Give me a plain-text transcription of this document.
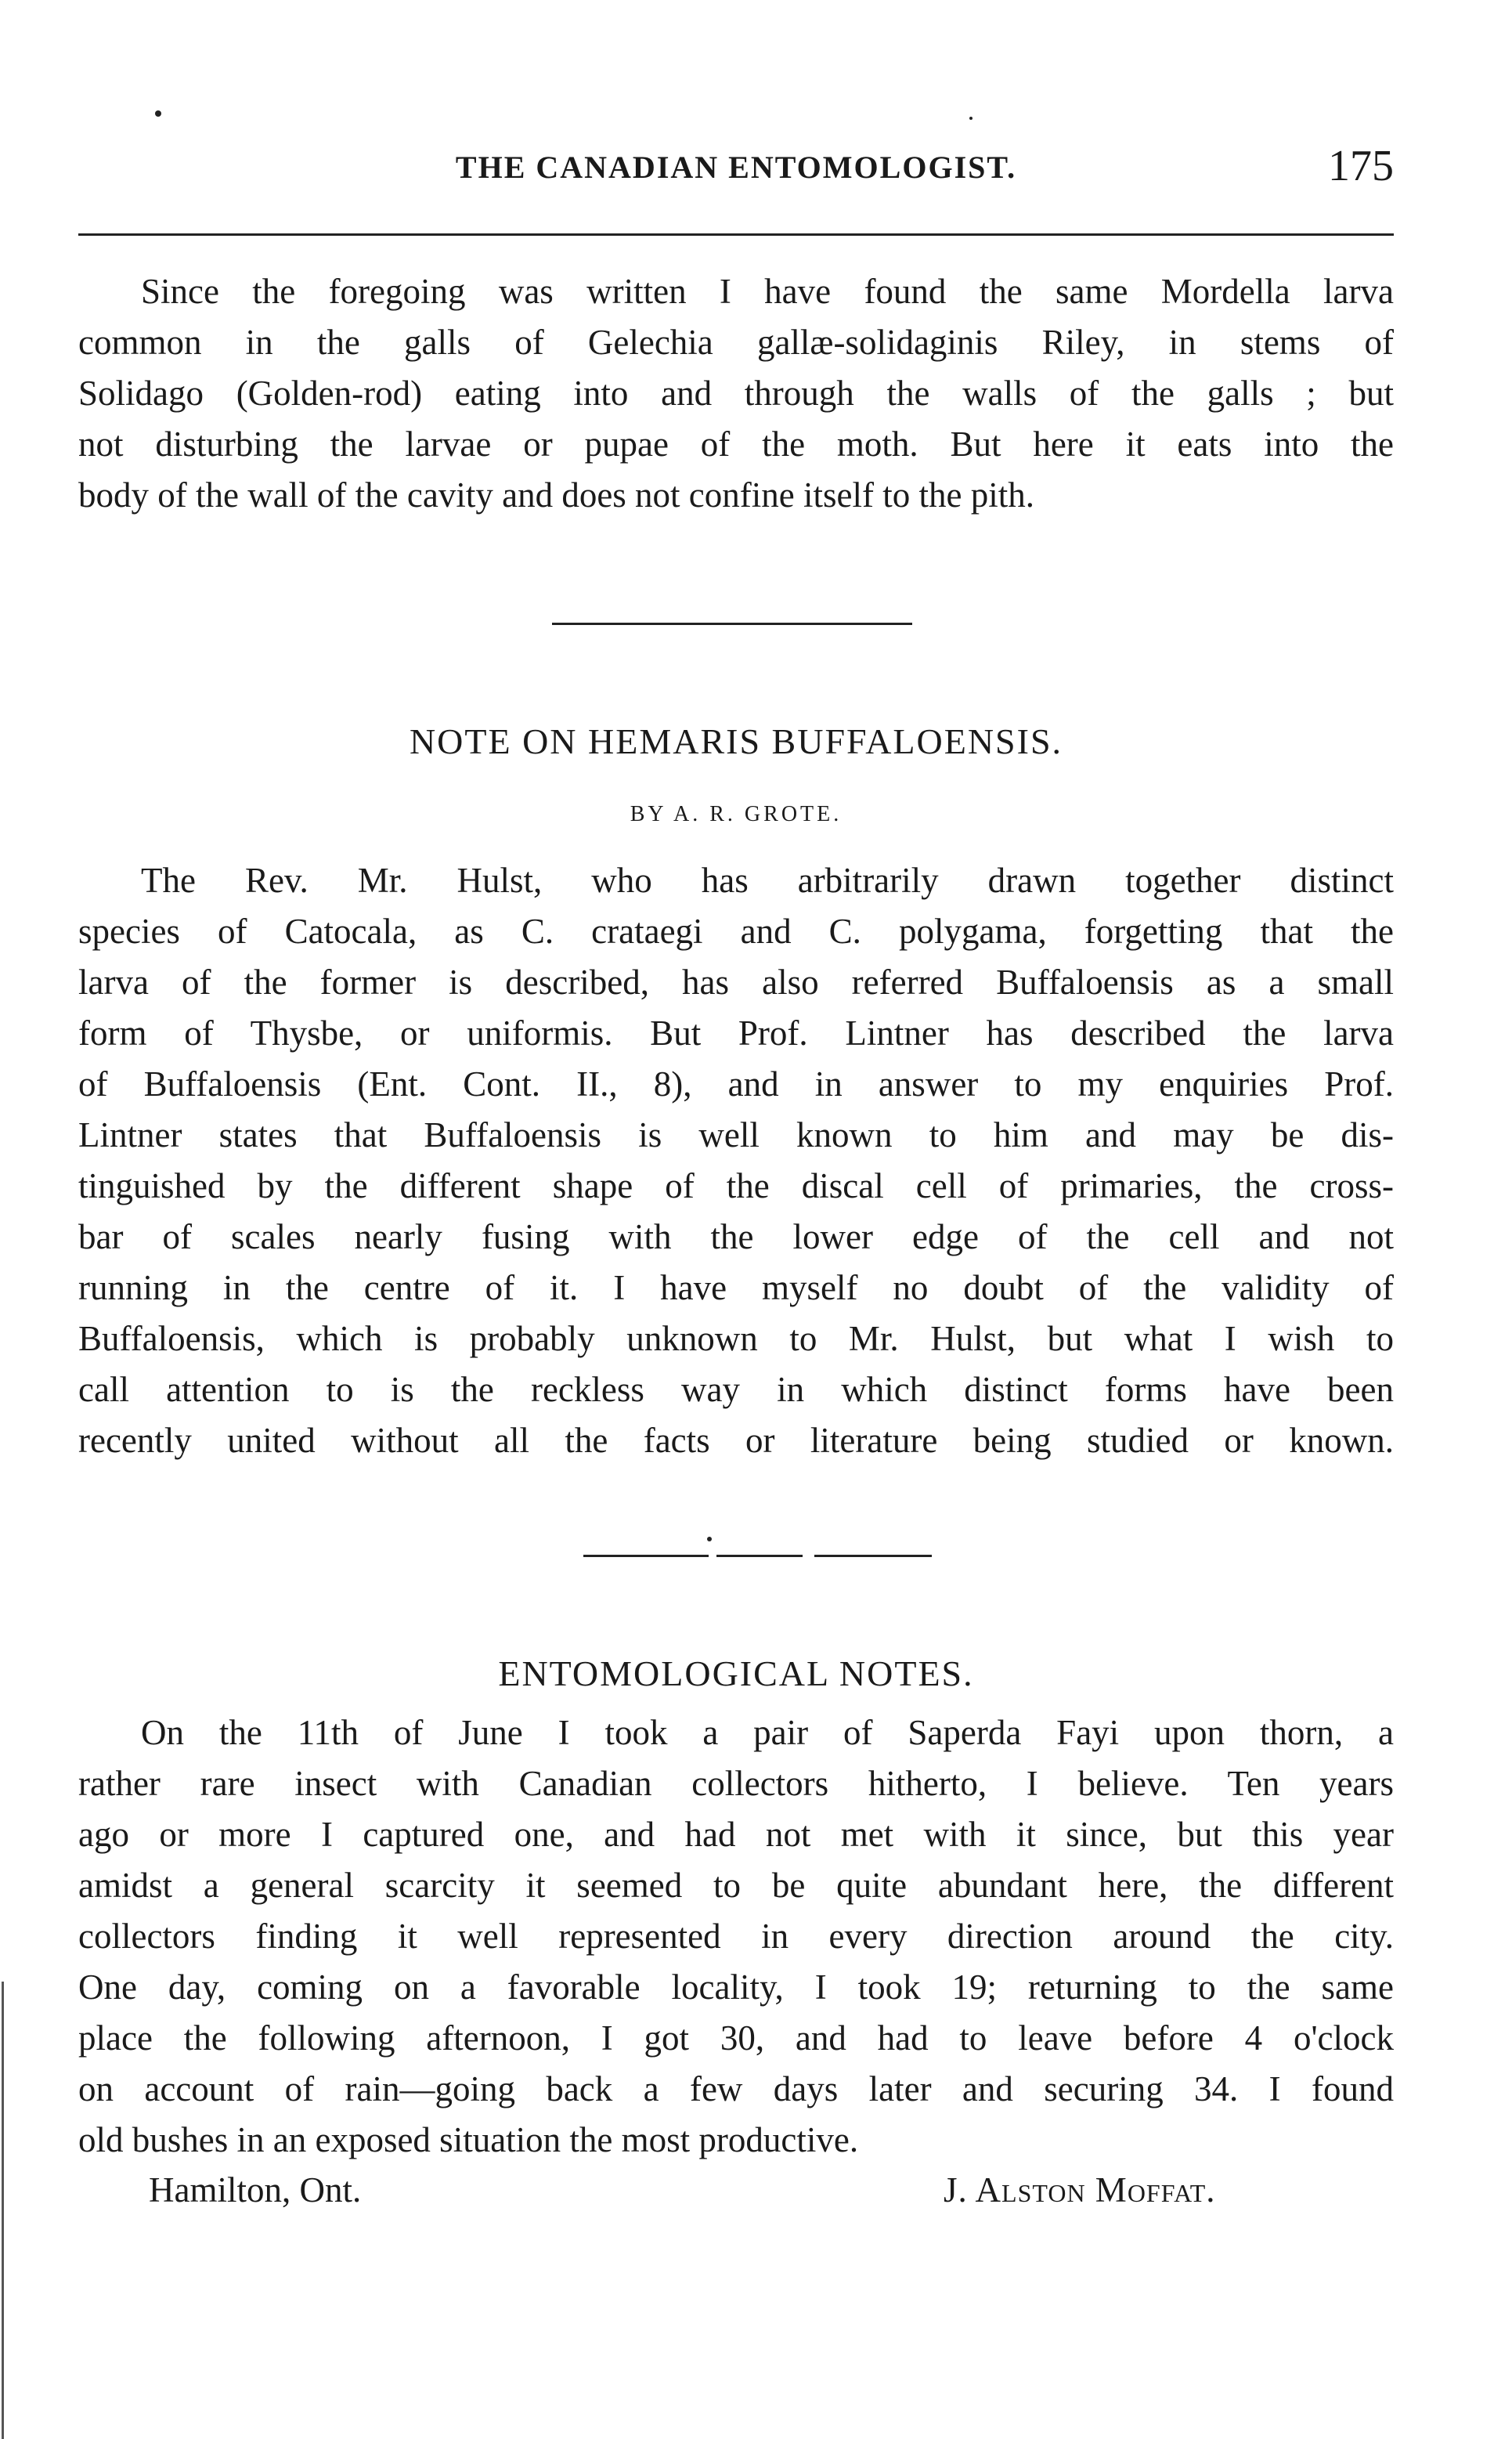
THE CANADIAN ENTOMOLOGIST.	175

Since the foregoing was written I have found the same Mordella larva

common in the galls of Gelechia gallæ-solidaginis Riley, in stems of

Solidago (Golden-rod) eating into and through the walls of the galls ; but

not disturbing the larvae or pupae of the moth. But here it eats into the

body of the wall of the cavity and does not confine itself to the pith.

NOTE ON HEMARIS BUFFALOENSIS.
BY A. R. GROTE.

The Rev. Mr. Hulst, who has arbitrarily drawn together distinct

species of Catocala, as C. crataegi and C. polygama, forgetting that the

larva of the former is described, has also referred Buffaloensis as a small

form of Thysbe, or uniformis. But Prof. Lintner has described the larva

of Buffaloensis (Ent. Cont. II., 8), and in answer to my enquiries Prof.

Lintner states that Buffaloensis is well known to him and may be dis-

tinguished by the different shape of the discal cell of primaries, the cross-

bar of scales nearly fusing with the lower edge of the cell and not

running in the centre of it. I have myself no doubt of the validity of

Buffaloensis, which is probably unknown to Mr. Hulst, but what I wish to

call attention to is the reckless way in which distinct forms have been

recently united without all the facts or literature being studied or known.

ENTOMOLOGICAL NOTES.

On the 11th of June I took a pair of Saperda Fayi upon thorn, a

rather rare insect with Canadian collectors hitherto, I believe. Ten years

ago or more I captured one, and had not met with it since, but this year

amidst a general scarcity it seemed to be quite abundant here, the different

collectors finding it well represented in every direction around the city.

One day, coming on a favorable locality, I took 19; returning to the same

place the following afternoon, I got 30, and had to leave before 4 o'clock

on account of rain—going back a few days later and securing 34. I found

old bushes in an exposed situation the most productive.

Hamilton, Ont.	J. Alston Moffat.
